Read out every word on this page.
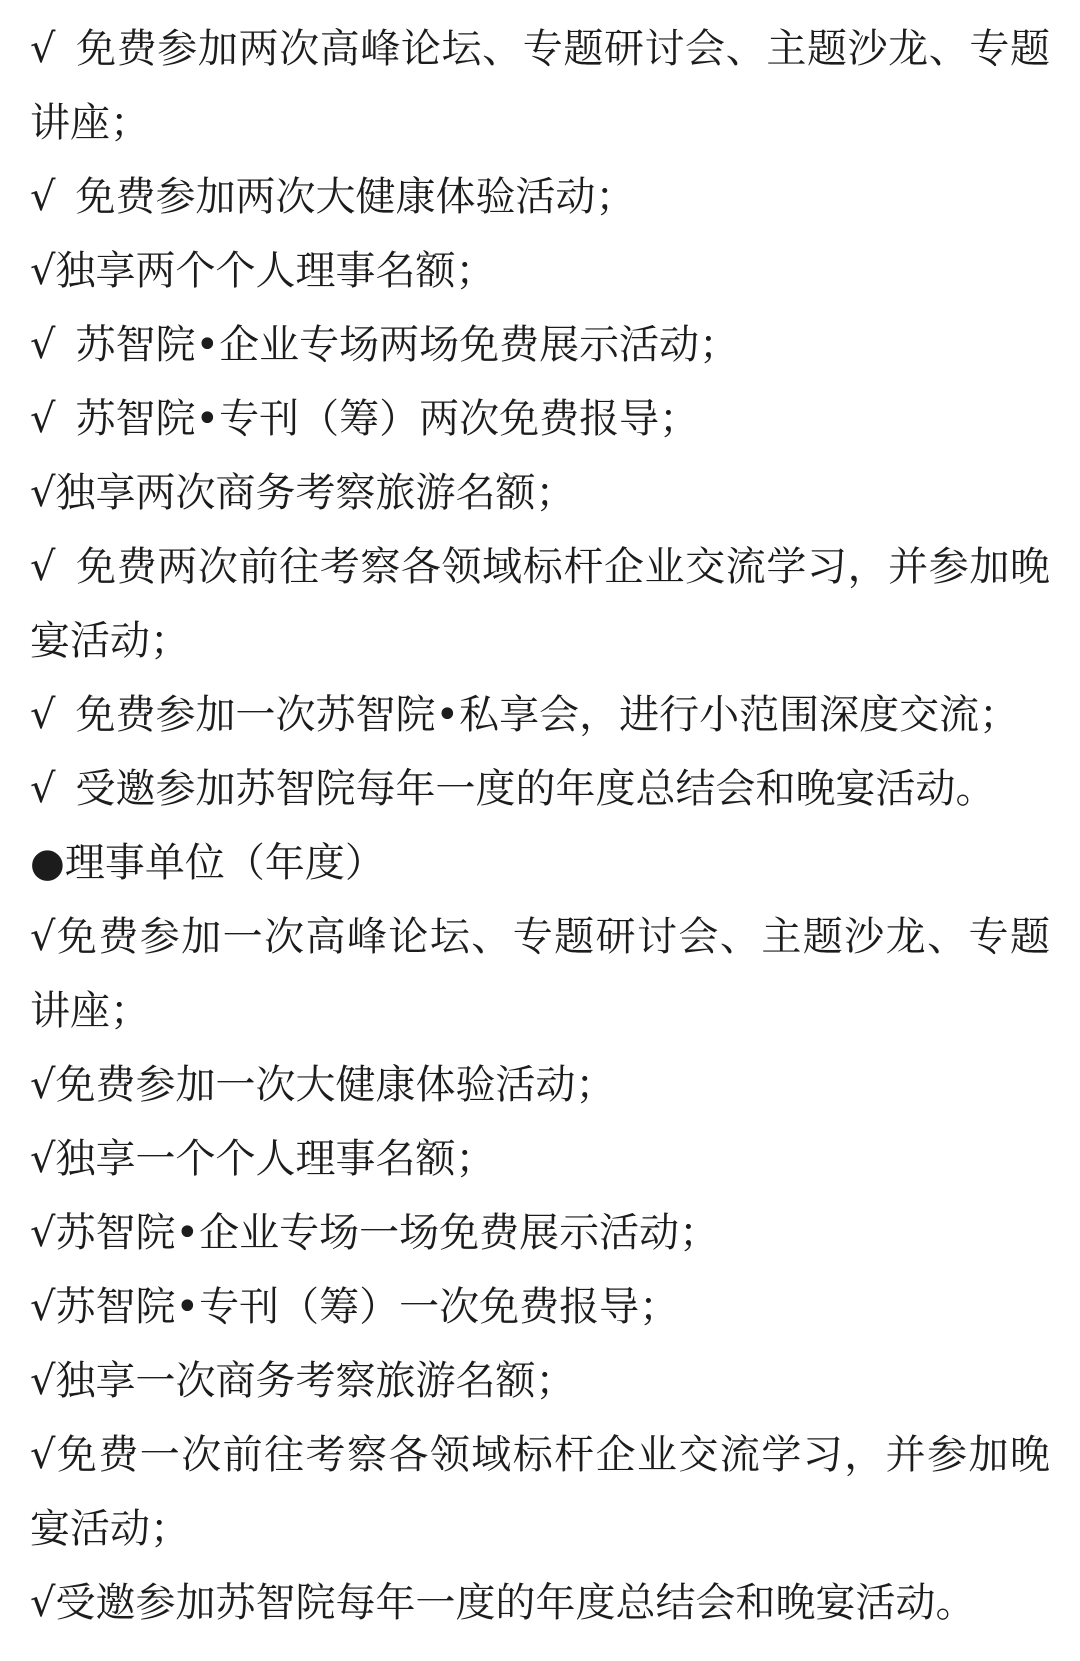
√ 免费参加两次高峰论坛、专题研讨会、主题沙龙、专题讲座；

√ 免费参加两次大健康体验活动；

√独享两个个人理事名额；

√ 苏智院•企业专场两场免费展示活动；

√ 苏智院•专刊（筹）两次免费报导；

√独享两次商务考察旅游名额；

√ 免费两次前往考察各领域标杆企业交流学习，并参加晚宴活动；

√ 免费参加一次苏智院•私享会，进行小范围深度交流；

√ 受邀参加苏智院每年一度的年度总结会和晚宴活动。

●理事单位（年度）

√免费参加一次高峰论坛、专题研讨会、主题沙龙、专题讲座；

√免费参加一次大健康体验活动；

√独享一个个人理事名额；

√苏智院•企业专场一场免费展示活动；

√苏智院•专刊（筹）一次免费报导；

√独享一次商务考察旅游名额；

√免费一次前往考察各领域标杆企业交流学习，并参加晚宴活动；

√受邀参加苏智院每年一度的年度总结会和晚宴活动。
